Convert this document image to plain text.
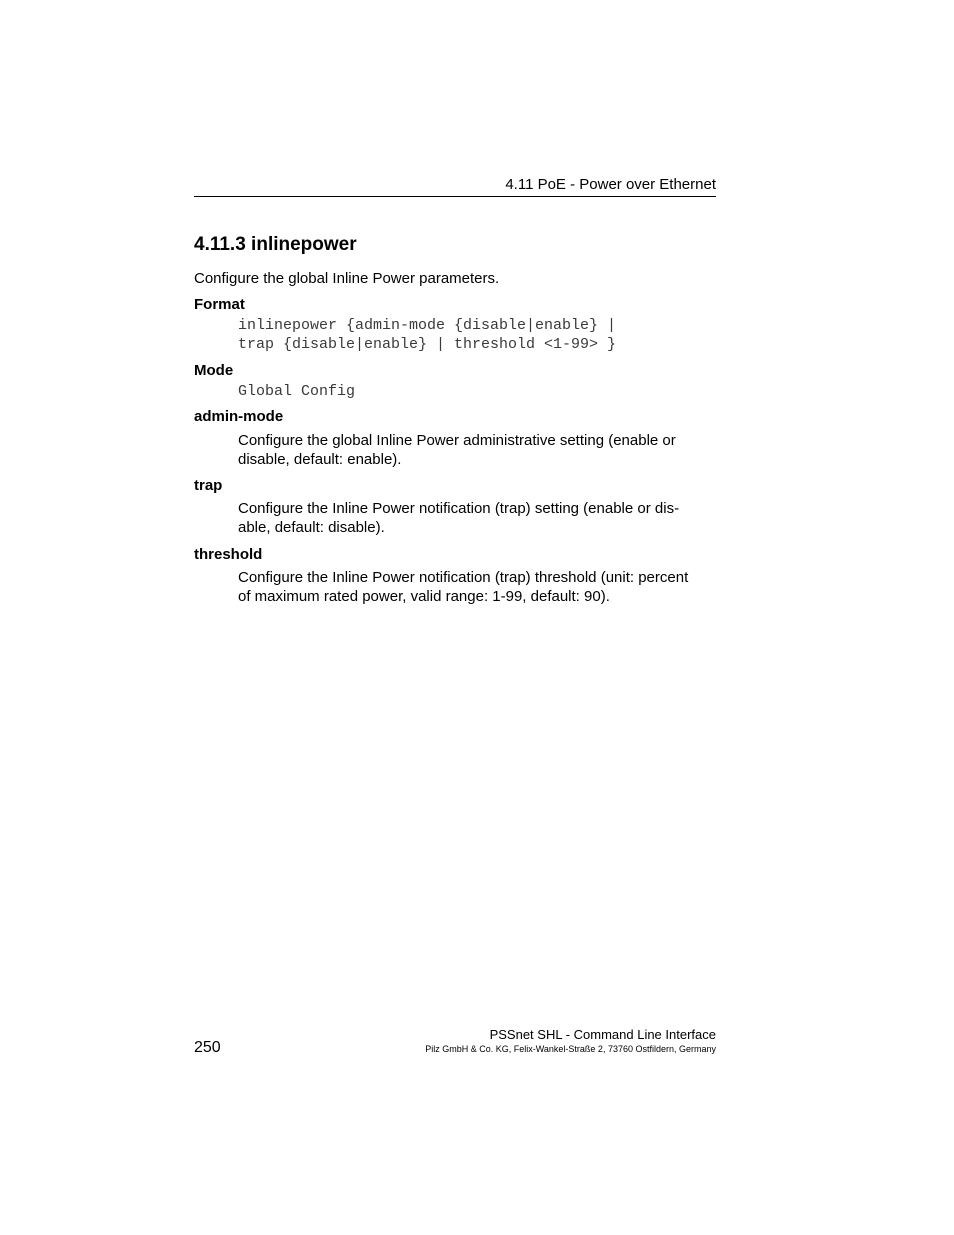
4.11 PoE - Power over Ethernet
4.11.3 inlinepower

Configure the global Inline Power parameters.

Format
inlinepower {admin-mode {disable|enable} |
trap {disable|enable} | threshold <1-99> }
Mode
Global Config
admin-mode
Configure the global Inline Power administrative setting (enable or
disable, default: enable).
trap
Configure the Inline Power notification (trap) setting (enable or dis-
able, default: disable).
threshold
Configure the Inline Power notification (trap) threshold (unit: percent
of maximum rated power, valid range: 1-99, default: 90).
250
PSSnet SHL - Command Line Interface
Pilz GmbH & Co. KG, Felix-Wankel-Straße 2, 73760 Ostfildern, Germany
